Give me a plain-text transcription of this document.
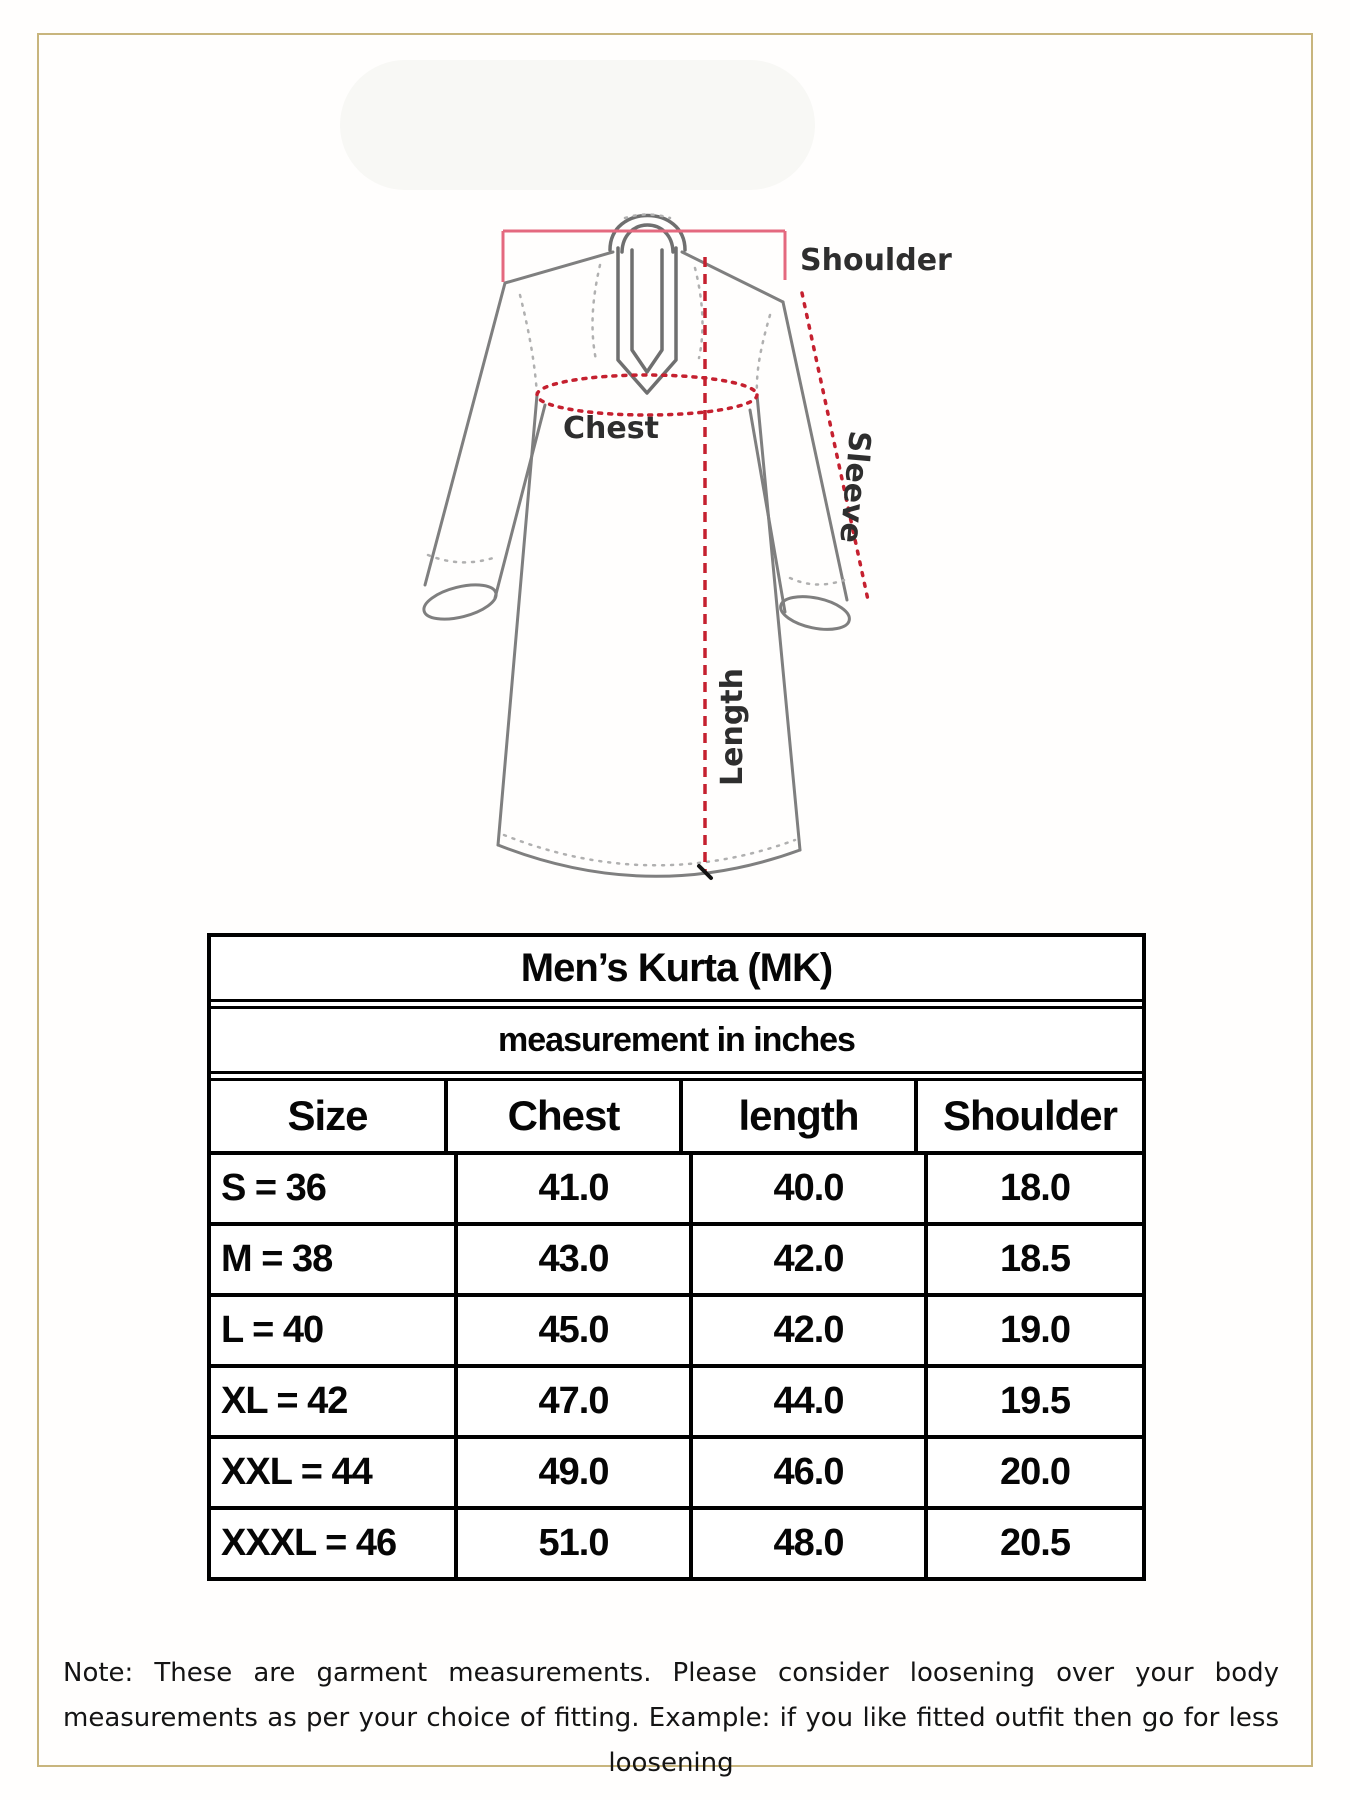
Shoulder
Chest
Length
Sleeve
Men’s Kurta (MK)
measurement in inches
Size	Chest	length	Shoulder
S = 36	41.0	40.0	18.0
M = 38	43.0	42.0	18.5
L = 40	45.0	42.0	19.0
XL = 42	47.0	44.0	19.5
XXL = 44	49.0	46.0	20.0
XXXL = 46	51.0	48.0	20.5

Note: These are garment measurements. Please consider loosening over your body measurements as per your choice of fitting. Example: if you like fitted outfit then go for less loosening
